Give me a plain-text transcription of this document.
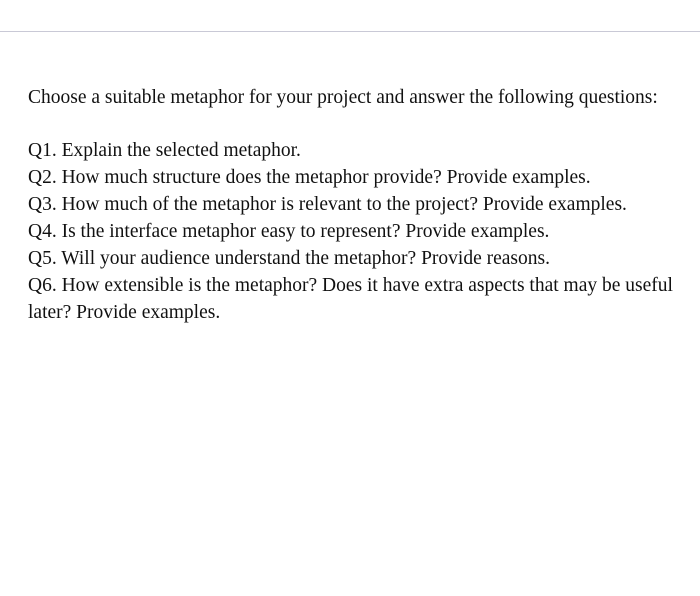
Choose a suitable metaphor for your project and answer the following questions:

Q1. Explain the selected metaphor.
Q2. How much structure does the metaphor provide? Provide examples.
Q3. How much of the metaphor is relevant to the project? Provide examples.
Q4. Is the interface metaphor easy to represent? Provide examples.
Q5. Will your audience understand the metaphor? Provide reasons.
Q6. How extensible is the metaphor? Does it have extra aspects that may be useful later? Provide examples.
